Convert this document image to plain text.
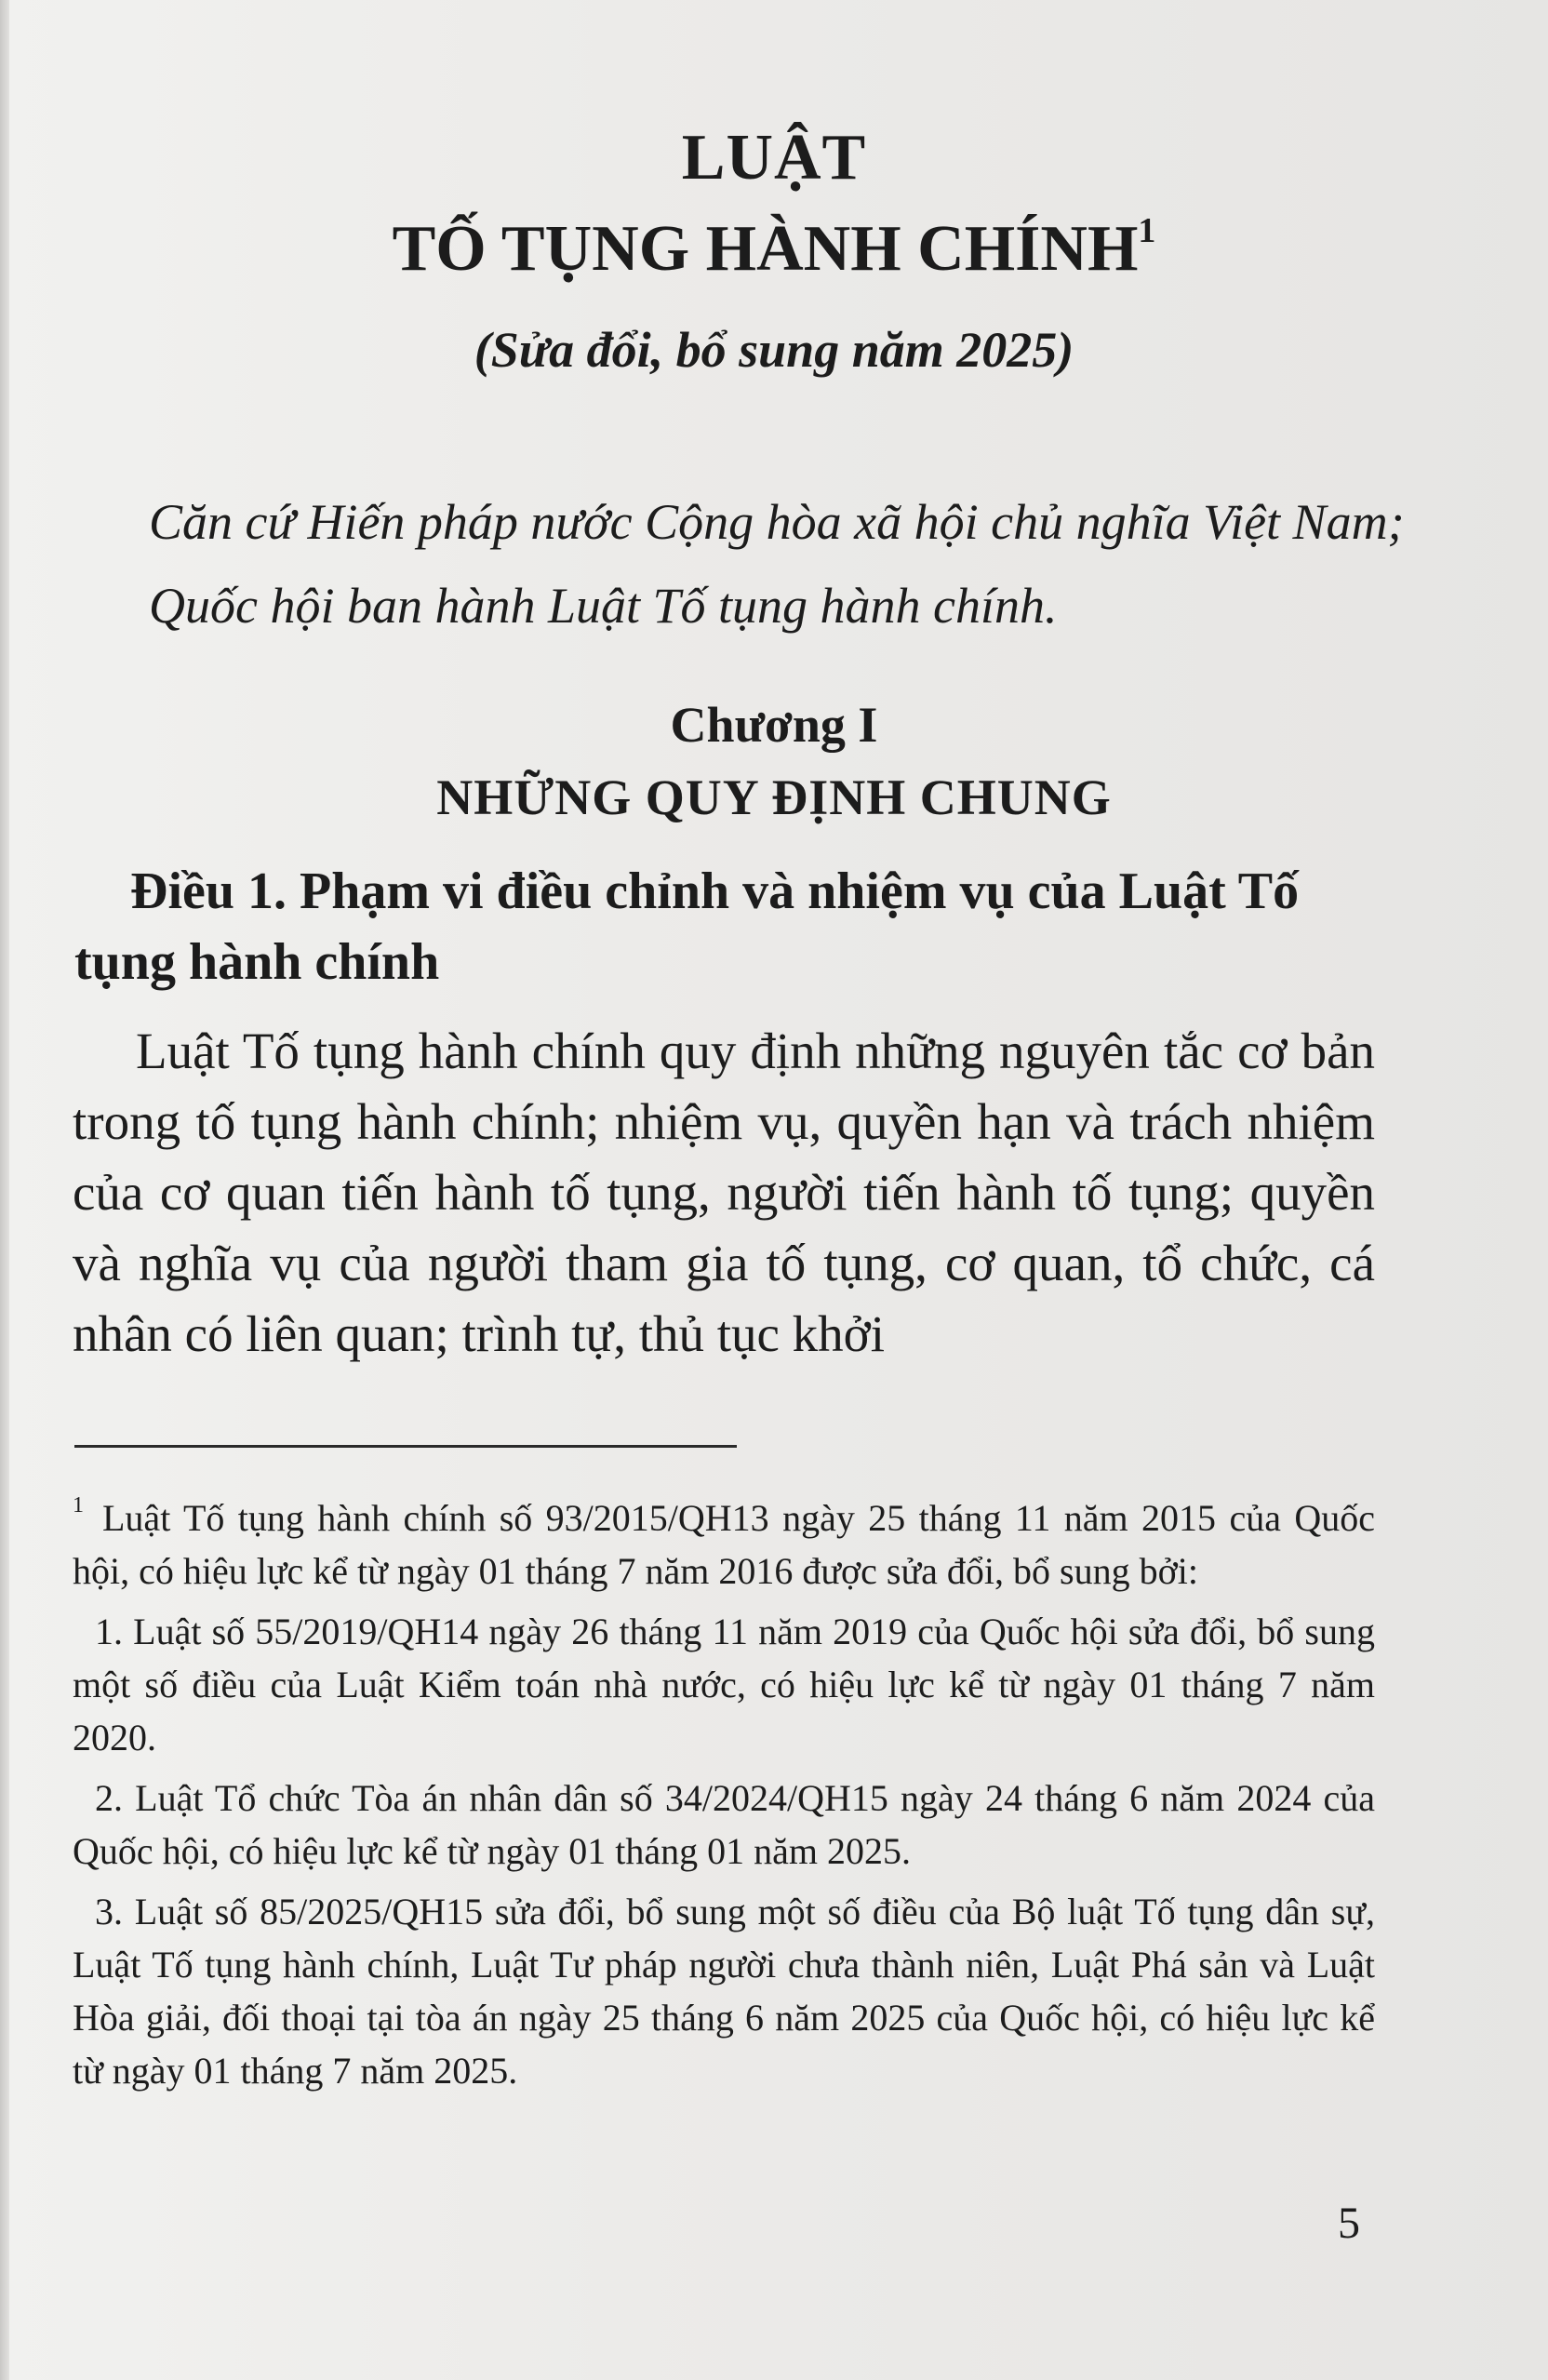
LUẬT
TỐ TỤNG HÀNH CHÍNH$^1$
(Sửa đổi, bổ sung năm 2025)
Căn cứ Hiến pháp nước Cộng hòa xã hội chủ nghĩa Việt Nam;
Quốc hội ban hành Luật Tố tụng hành chính.
Chương I
NHỮNG QUY ĐỊNH CHUNG
Điều 1. Phạm vi điều chỉnh và nhiệm vụ của Luật Tố tụng hành chính
Luật Tố tụng hành chính quy định những nguyên tắc cơ bản trong tố tụng hành chính; nhiệm vụ, quyền hạn và trách nhiệm của cơ quan tiến hành tố tụng, người tiến hành tố tụng; quyền và nghĩa vụ của người tham gia tố tụng, cơ quan, tổ chức, cá nhân có liên quan; trình tự, thủ tục khởi
$^1$ Luật Tố tụng hành chính số 93/2015/QH13 ngày 25 tháng 11 năm 2015 của Quốc hội, có hiệu lực kể từ ngày 01 tháng 7 năm 2016 được sửa đổi, bổ sung bởi:
1. Luật số 55/2019/QH14 ngày 26 tháng 11 năm 2019 của Quốc hội sửa đổi, bổ sung một số điều của Luật Kiểm toán nhà nước, có hiệu lực kể từ ngày 01 tháng 7 năm 2020.
2. Luật Tổ chức Tòa án nhân dân số 34/2024/QH15 ngày 24 tháng 6 năm 2024 của Quốc hội, có hiệu lực kể từ ngày 01 tháng 01 năm 2025.
3. Luật số 85/2025/QH15 sửa đổi, bổ sung một số điều của Bộ luật Tố tụng dân sự, Luật Tố tụng hành chính, Luật Tư pháp người chưa thành niên, Luật Phá sản và Luật Hòa giải, đối thoại tại tòa án ngày 25 tháng 6 năm 2025 của Quốc hội, có hiệu lực kể từ ngày 01 tháng 7 năm 2025.
5
